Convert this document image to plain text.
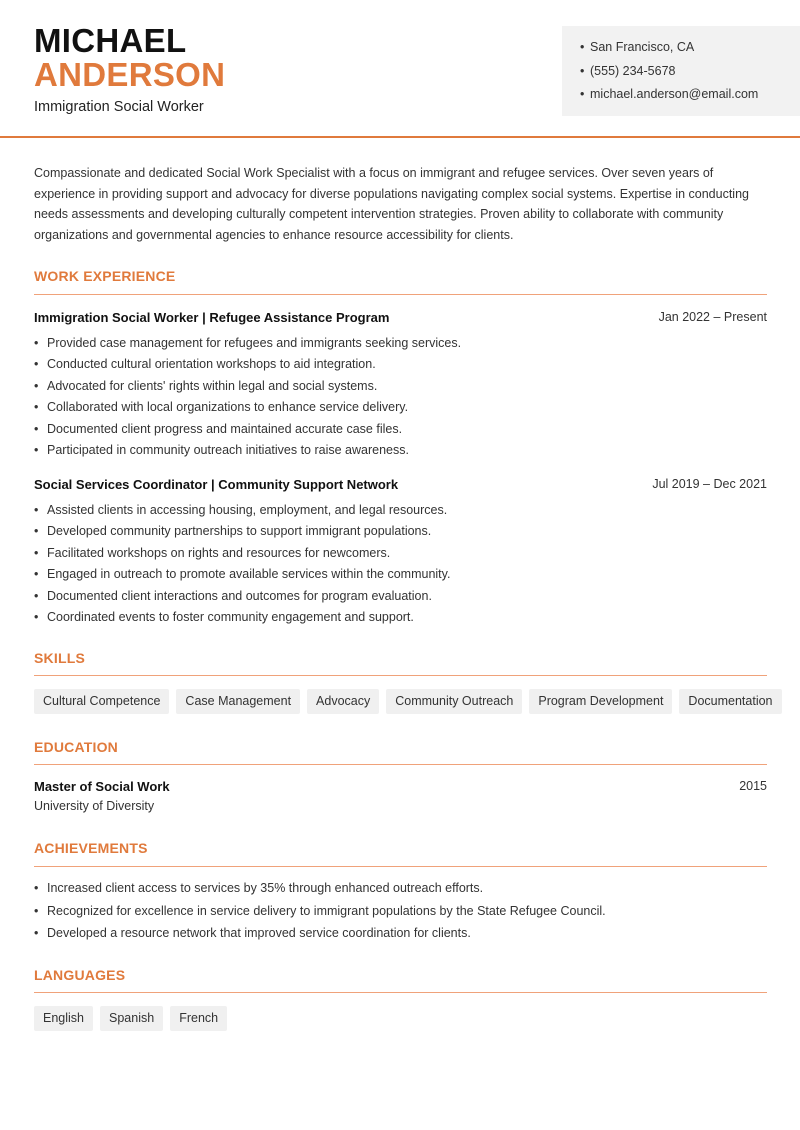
MICHAEL
ANDERSON
Immigration Social Worker
• San Francisco, CA
• (555) 234-5678
• michael.anderson@email.com

Compassionate and dedicated Social Work Specialist with a focus on immigrant and refugee services. Over seven years of experience in providing support and advocacy for diverse populations navigating complex social systems. Expertise in conducting needs assessments and developing culturally competent intervention strategies. Proven ability to collaborate with community organizations and governmental agencies to enhance resource accessibility for clients.

WORK EXPERIENCE
Immigration Social Worker | Refugee Assistance Program	Jan 2022 – Present
• Provided case management for refugees and immigrants seeking services.
• Conducted cultural orientation workshops to aid integration.
• Advocated for clients' rights within legal and social systems.
• Collaborated with local organizations to enhance service delivery.
• Documented client progress and maintained accurate case files.
• Participated in community outreach initiatives to raise awareness.
Social Services Coordinator | Community Support Network	Jul 2019 – Dec 2021
• Assisted clients in accessing housing, employment, and legal resources.
• Developed community partnerships to support immigrant populations.
• Facilitated workshops on rights and resources for newcomers.
• Engaged in outreach to promote available services within the community.
• Documented client interactions and outcomes for program evaluation.
• Coordinated events to foster community engagement and support.
SKILLS
Cultural Competence	Case Management	Advocacy	Community Outreach	Program Development	Documentation
EDUCATION
Master of Social Work	2015
University of Diversity
ACHIEVEMENTS
• Increased client access to services by 35% through enhanced outreach efforts.
• Recognized for excellence in service delivery to immigrant populations by the State Refugee Council.
• Developed a resource network that improved service coordination for clients.
LANGUAGES
English	Spanish	French
